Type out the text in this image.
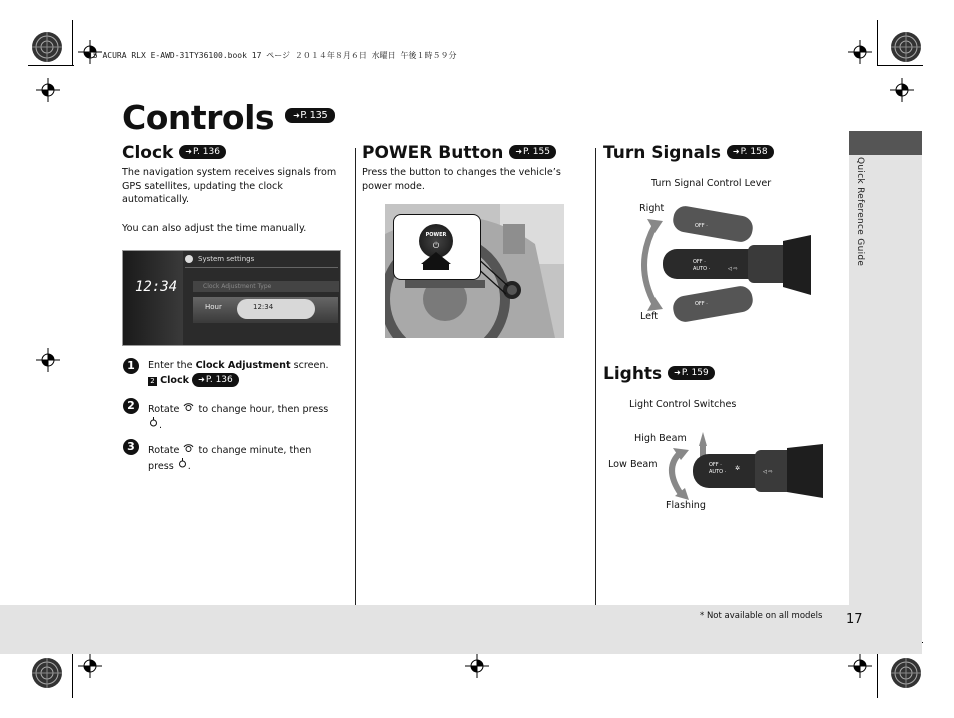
15 ACURA RLX E-AWD-31TY36100.book 17 ページ ２０１４年８月６日 水曜日 午後１時５９分
Quick Reference Guide
* Not available on all models 17
Controls ➜P. 135
Clock ➜P. 136
The navigation system receives signals from GPS satellites, updating the clock automatically.
You can also adjust the time manually.
12:34
System settings
Clock Adjustment Type
Hour	12:34
1	Enter the Clock Adjustment screen.
2 Clock ➜P. 136
2	Rotate to change hour, then press
.
3	Rotate to change minute, then
press .
POWER Button ➜P. 155
Press the button to changes the vehicle’s power mode.
POWER
⏻
Turn Signals ➜P. 158
Turn Signal Control Lever
Right
Left
OFF ·
AUTO ·	◁ ⇨
OFF ·
OFF ·
Lights ➜P. 159
Light Control Switches
High Beam
Low Beam
Flashing
OFF ·
AUTO · ✲	◁ ⇨
